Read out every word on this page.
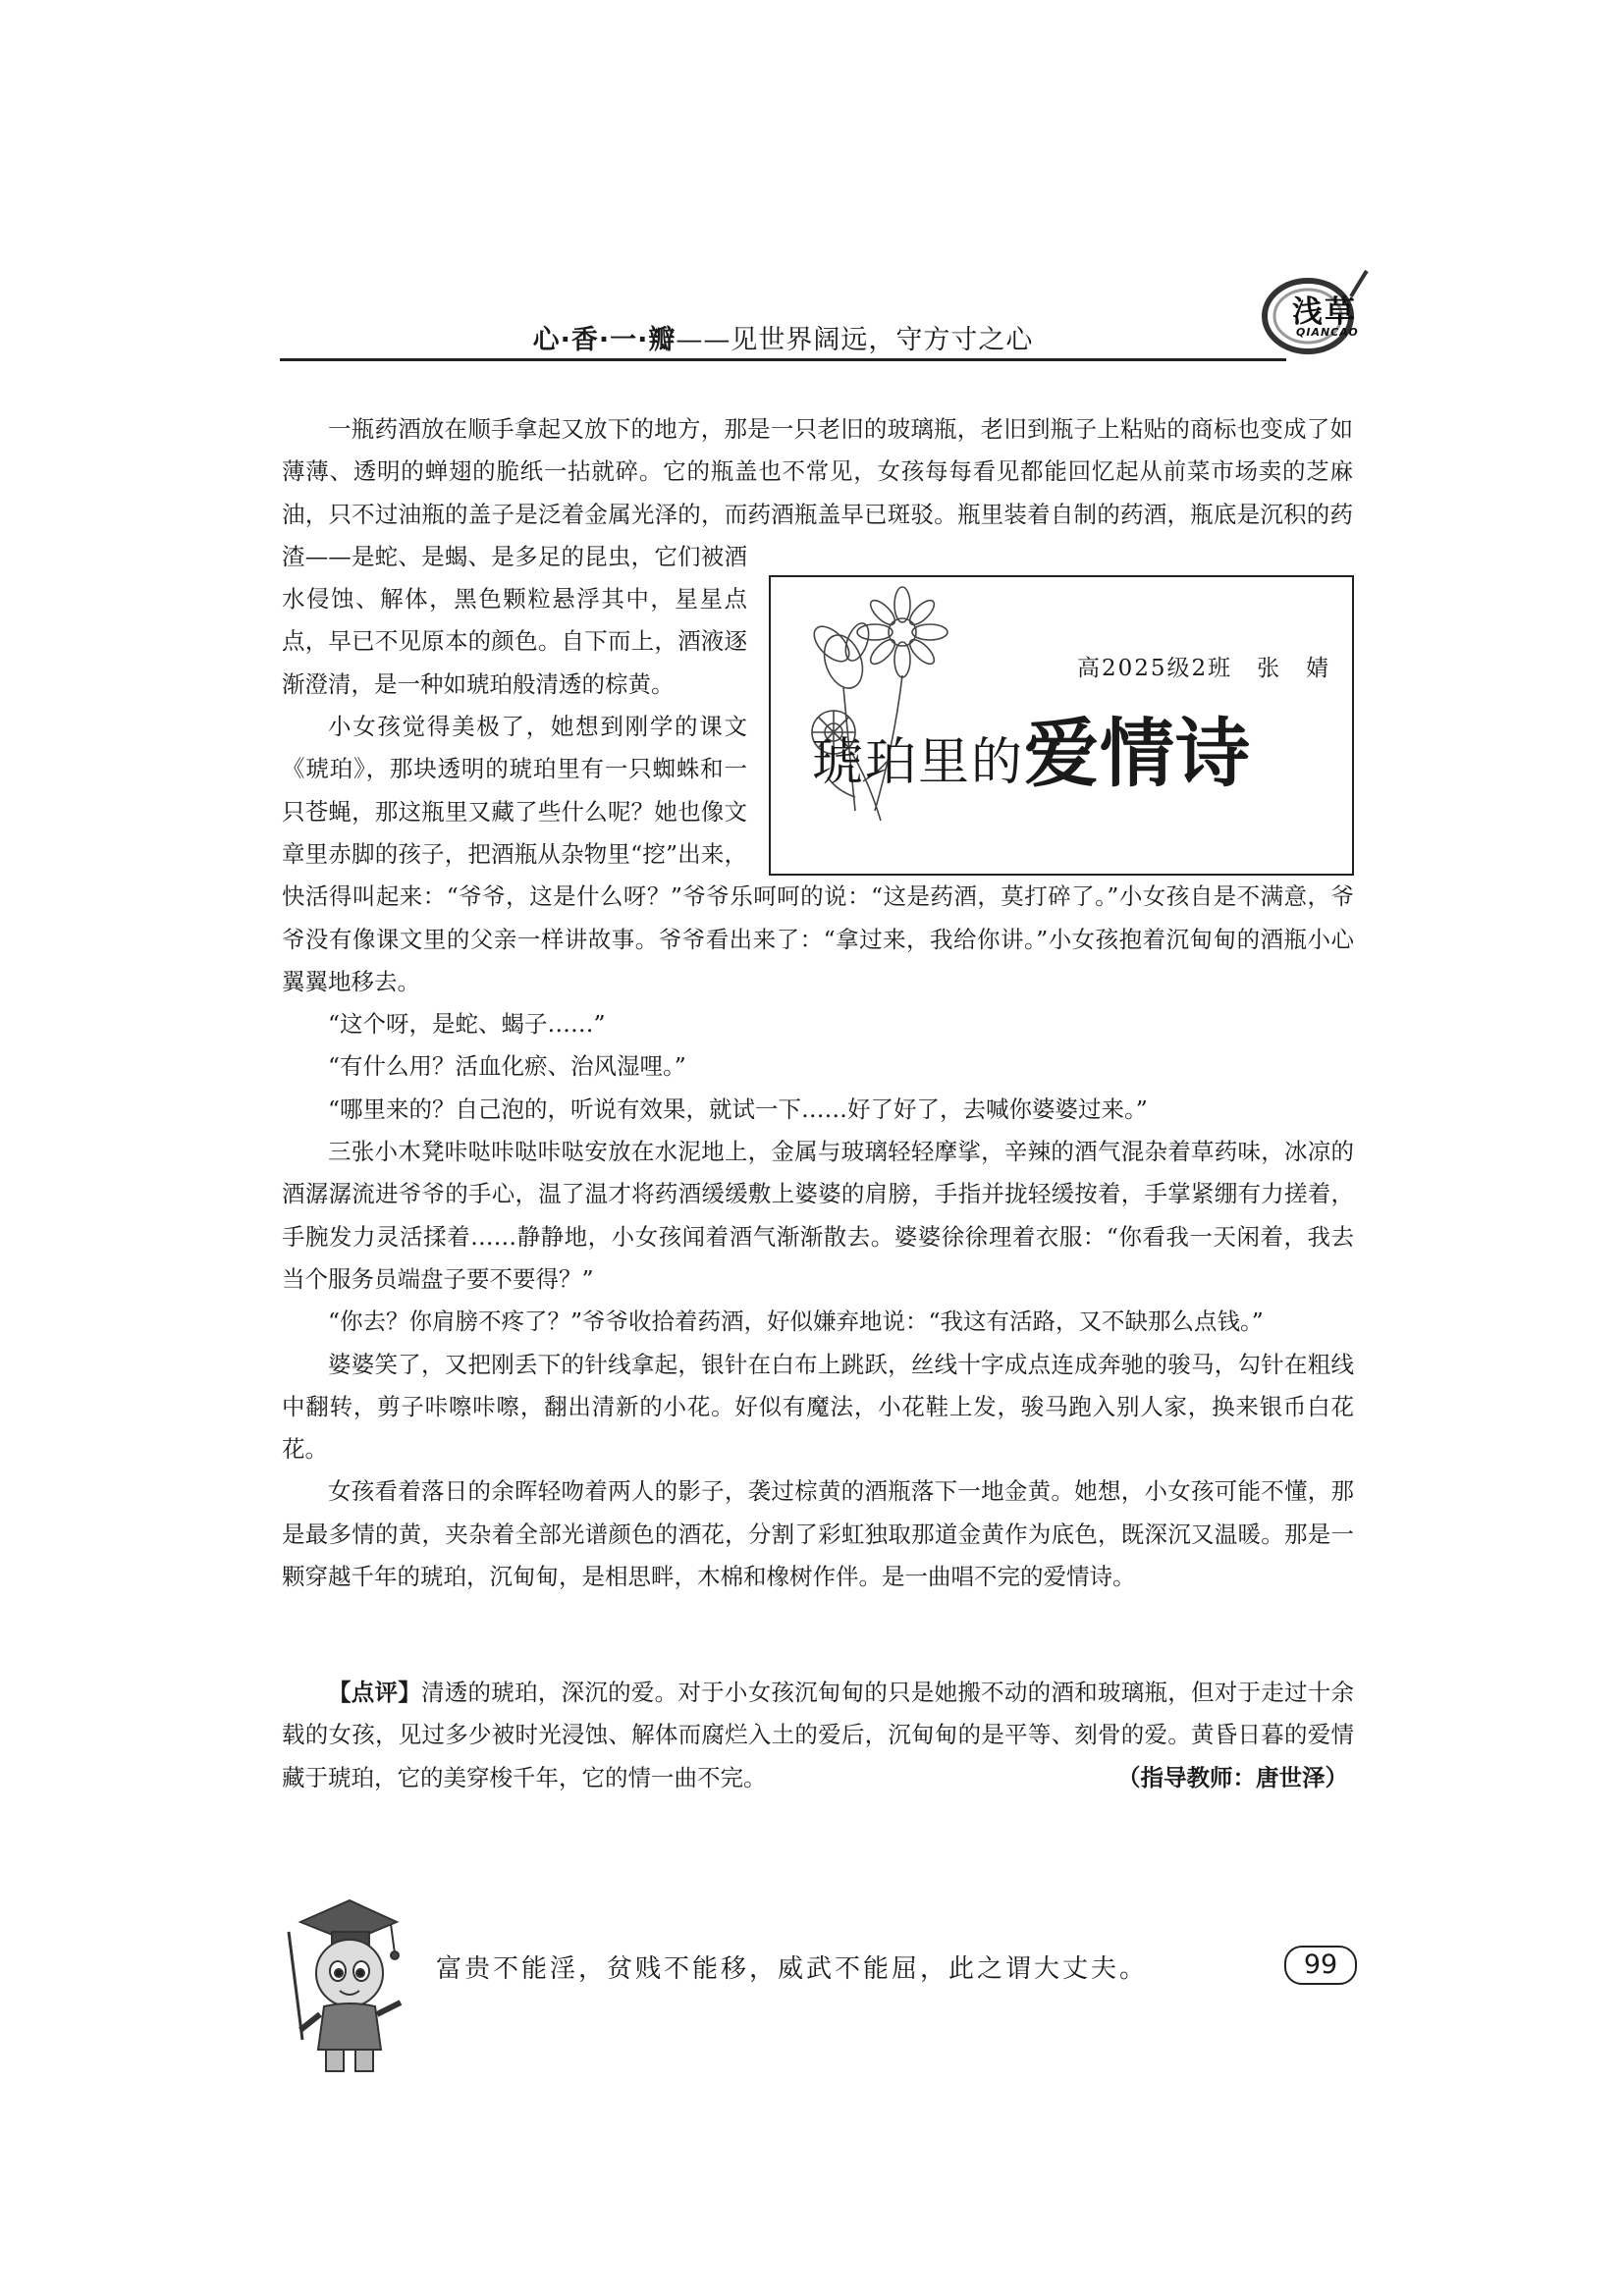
心·香·一·瓣——见世界阔远，守方寸之心
浅草
QIANCAO
高2025级2班　张　婧
琥珀里的爱情诗

一瓶药酒放在顺手拿起又放下的地方，那是一只老旧的玻璃瓶，老旧到瓶子上粘贴的商标也变成了如薄薄、透明的蝉翅的脆纸一拈就碎。它的瓶盖也不常见，女孩每每看见都能回忆起从前菜市场卖的芝麻油，只不过油瓶的盖子是泛着金属光泽的，而药酒瓶盖早已斑驳。瓶里装着自制的药酒，瓶底是沉积的药渣——是蛇、是蝎、是多足的昆虫，它们被酒水侵蚀、解体，黑色颗粒悬浮其中，星星点点，早已不见原本的颜色。自下而上，酒液逐渐澄清，是一种如琥珀般清透的棕黄。

小女孩觉得美极了，她想到刚学的课文《琥珀》，那块透明的琥珀里有一只蜘蛛和一只苍蝇，那这瓶里又藏了些什么呢？她也像文章里赤脚的孩子，把酒瓶从杂物里“挖”出来，快活得叫起来：“爷爷，这是什么呀？”爷爷乐呵呵的说：“这是药酒，莫打碎了。”小女孩自是不满意，爷爷没有像课文里的父亲一样讲故事。爷爷看出来了：“拿过来，我给你讲。”小女孩抱着沉甸甸的酒瓶小心翼翼地移去。

“这个呀，是蛇、蝎子……”

“有什么用？活血化瘀、治风湿哩。”

“哪里来的？自己泡的，听说有效果，就试一下……好了好了，去喊你婆婆过来。”

三张小木凳咔哒咔哒咔哒安放在水泥地上，金属与玻璃轻轻摩挲，辛辣的酒气混杂着草药味，冰凉的酒潺潺流进爷爷的手心，温了温才将药酒缓缓敷上婆婆的肩膀，手指并拢轻缓按着，手掌紧绷有力搓着，手腕发力灵活揉着……静静地，小女孩闻着酒气渐渐散去。婆婆徐徐理着衣服：“你看我一天闲着，我去当个服务员端盘子要不要得？”

“你去？你肩膀不疼了？”爷爷收拾着药酒，好似嫌弃地说：“我这有活路，又不缺那么点钱。”

婆婆笑了，又把刚丢下的针线拿起，银针在白布上跳跃，丝线十字成点连成奔驰的骏马，勾针在粗线中翻转，剪子咔嚓咔嚓，翻出清新的小花。好似有魔法，小花鞋上发，骏马跑入别人家，换来银币白花花。

女孩看着落日的余晖轻吻着两人的影子，袭过棕黄的酒瓶落下一地金黄。她想，小女孩可能不懂，那是最多情的黄，夹杂着全部光谱颜色的酒花，分割了彩虹独取那道金黄作为底色，既深沉又温暖。那是一颗穿越千年的琥珀，沉甸甸，是相思畔，木棉和橡树作伴。是一曲唱不完的爱情诗。

【点评】清透的琥珀，深沉的爱。对于小女孩沉甸甸的只是她搬不动的酒和玻璃瓶，但对于走过十余载的女孩，见过多少被时光浸蚀、解体而腐烂入土的爱后，沉甸甸的是平等、刻骨的爱。黄昏日暮的爱情藏于琥珀，它的美穿梭千年，它的情一曲不完。	（指导教师：唐世泽）

富贵不能淫，贫贱不能移，威武不能屈，此之谓大丈夫。	99
